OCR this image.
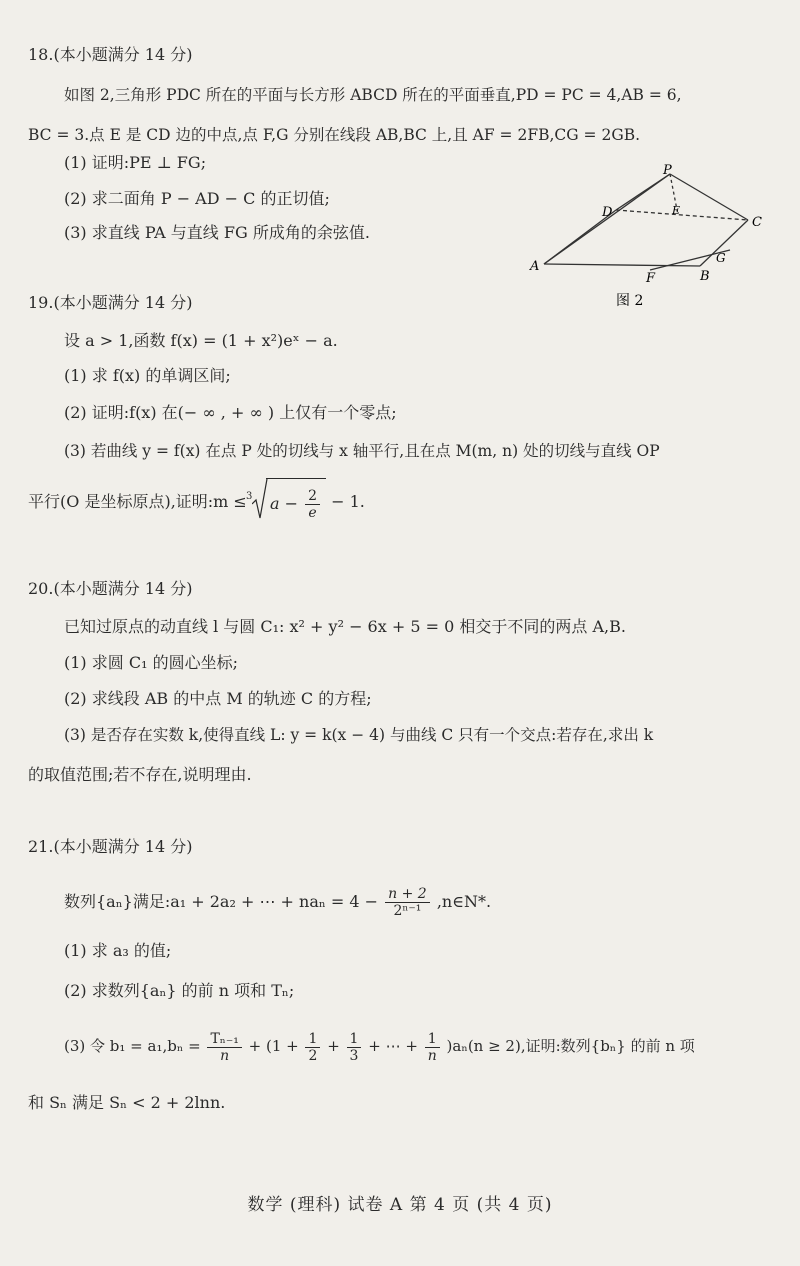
18.(本小题满分 14 分)
如图 2,三角形 PDC 所在的平面与长方形 ABCD 所在的平面垂直,PD = PC = 4,AB = 6,
BC = 3.点 E 是 CD 边的中点,点 F,G 分别在线段 AB,BC 上,且 AF = 2FB,CG = 2GB.
(1) 证明:PE ⊥ FG;
(2) 求二面角 P − AD − C 的正切值;
(3) 求直线 PA 与直线 FG 所成角的余弦值.
P
D	E
C
A
F	B
G
图 2
19.(本小题满分 14 分)
设 a > 1,函数 f(x) = (1 + x²)eˣ − a.
(1) 求 f(x) 的单调区间;
(2) 证明:f(x) 在(− ∞ , + ∞ ) 上仅有一个零点;
(3) 若曲线 y = f(x) 在点 P 处的切线与 x 轴平行,且在点 M(m, n) 处的切线与直线 OP
平行(O 是坐标原点),证明:m ≤ 3 $a - \frac{2}{e} - 1$.
20.(本小题满分 14 分)
已知过原点的动直线 l 与圆 C₁: x² + y² − 6x + 5 = 0 相交于不同的两点 A,B.
(1) 求圆 C₁ 的圆心坐标;
(2) 求线段 AB 的中点 M 的轨迹 C 的方程;
(3) 是否存在实数 k,使得直线 L: y = k(x − 4) 与曲线 C 只有一个交点:若存在,求出 k
的取值范围;若不存在,说明理由.
21.(本小题满分 14 分)
数列{aₙ}满足:a₁ + 2a₂ + ⋯ + $na_n = 4 - \frac{n + 2}{\text{2ⁿ⁻¹}}$ ,n∈N*.
(1) 求 a₃ 的值;
(2) 求数列{aₙ} 的前 n 项和 Tₙ;
(3) 令 $b_1 = a_1,b_n = \frac{\text{Tₙ₋₁}}{n} + (1 + \frac{1}{2} + \frac{1}{3}$ + ⋯ + $\frac{1}{n} )a_n(n \ge 2)$,证明:数列{bₙ} 的前 n 项
和 Sₙ 满足 Sₙ < 2 + 2lnn.
数学 (理科) 试卷 A 第 4 页 (共 4 页)
